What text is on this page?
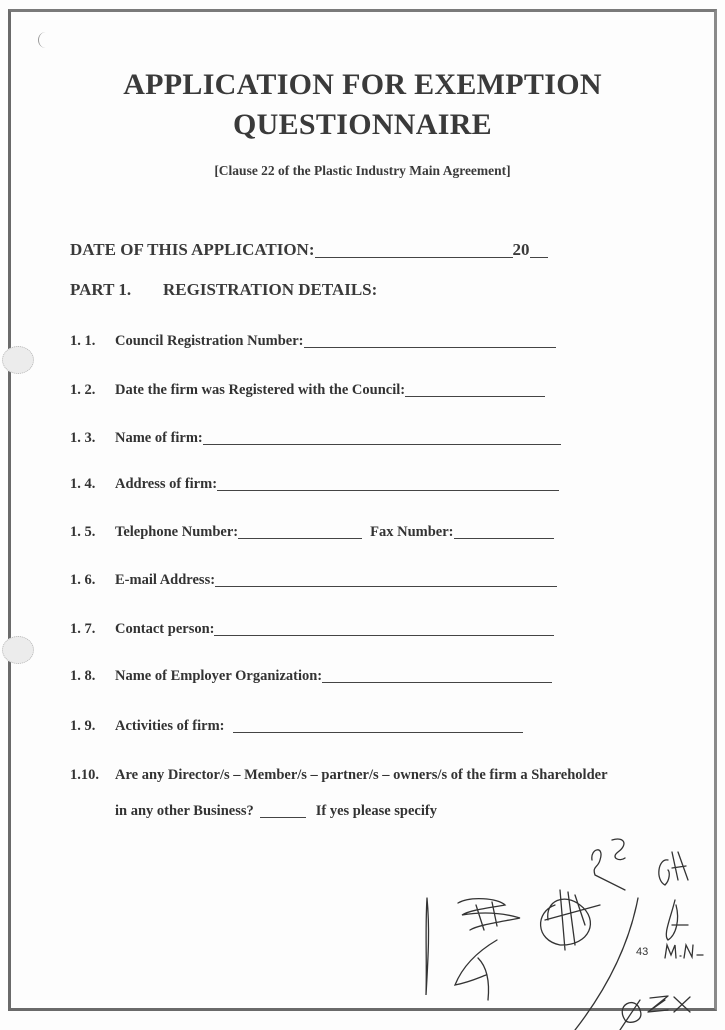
APPLICATION FOR EXEMPTION
QUESTIONNAIRE
[Clause 22 of the Plastic Industry Main Agreement]
DATE OF THIS APPLICATION:	20
PART 1.	REGISTRATION DETAILS:
1. 1.	Council Registration Number:
1. 2.	Date the firm was Registered with the Council:
1. 3.	Name of firm:
1. 4.	Address of firm:
1. 5.	Telephone Number:	Fax Number:
1. 6.	E-mail Address:
1. 7.	Contact person:
1. 8.	Name of Employer Organization:
1. 9.	Activities of firm:
1.10.	Are any Director/s – Member/s – partner/s – owners/s of the firm a Shareholder
in any other Business?	If yes please specify
43
